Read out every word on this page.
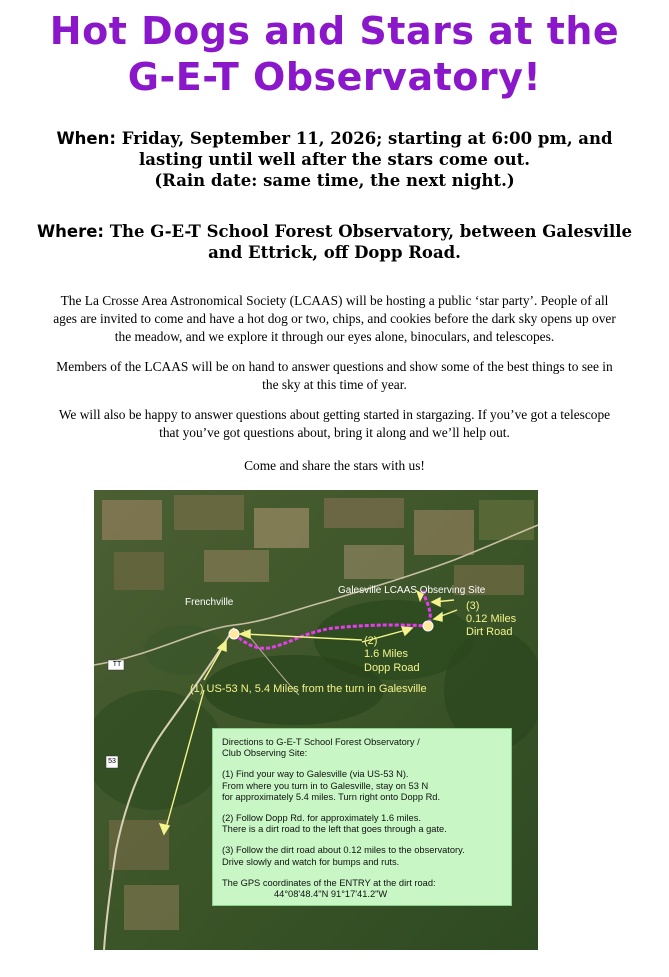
Hot Dogs and Stars at the
G-E-T Observatory!
When: Friday, September 11, 2026; starting at 6:00 pm, and
lasting until well after the stars come out.
(Rain date: same time, the next night.)
Where: The G-E-T School Forest Observatory, between Galesville
and Ettrick, off Dopp Road.
The La Crosse Area Astronomical Society (LCAAS) will be hosting a public ‘star party’. People of all
ages are invited to come and have a hot dog or two, chips, and cookies before the dark sky opens up over
the meadow, and we explore it through our eyes alone, binoculars, and telescopes.
Members of the LCAAS will be on hand to answer questions and show some of the best things to see in
the sky at this time of year.
We will also be happy to answer questions about getting started in stargazing. If you’ve got a telescope
that you’ve got questions about, bring it along and we’ll help out.
Come and share the stars with us!
Frenchville
Galesville LCAAS Observing Site
TT
53
(3)
0.12 Miles
Dirt Road
(2)
1.6 Miles
Dopp Road
(1) US-53 N, 5.4 Miles from the turn in Galesville
Directions to G-E-T School Forest Observatory /
Club Observing Site:
(1) Find your way to Galesville (via US-53 N).
From where you turn in to Galesville, stay on 53 N
for approximately 5.4 miles. Turn right onto Dopp Rd.
(2) Follow Dopp Rd. for approximately 1.6 miles.
There is a dirt road to the left that goes through a gate.
(3) Follow the dirt road about 0.12 miles to the observatory.
Drive slowly and watch for bumps and ruts.
The GPS coordinates of the ENTRY at the dirt road:
44°08'48.4"N 91°17'41.2"W
